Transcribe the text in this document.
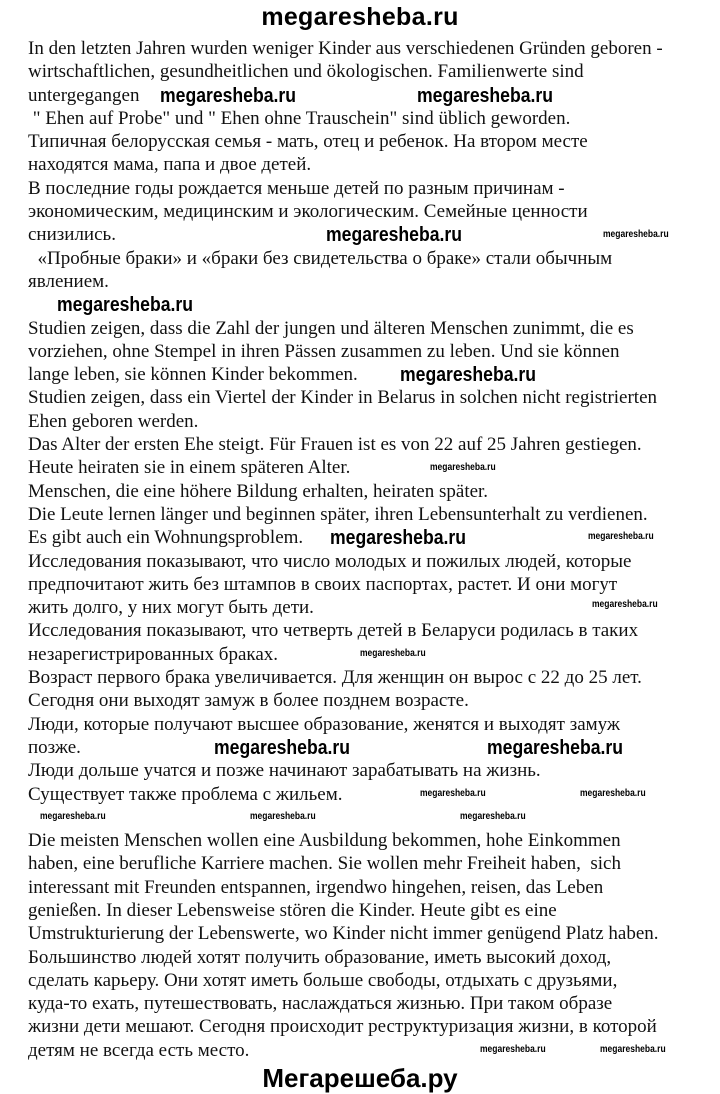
megaresheba.ru
In den letzten Jahren wurden weniger Kinder aus verschiedenen Gründen geboren -
wirtschaftlichen, gesundheitlichen und ökologischen. Familienwerte sind
untergegangen
" Ehen auf Probe" und " Ehen ohne Trauschein" sind üblich geworden.
Типичная белорусская семья - мать, отец и ребенок. На втором месте
находятся мама, папа и двое детей.
В последние годы рождается меньше детей по разным причинам -
экономическим, медицинским и экологическим. Семейные ценности
снизились.
«Пробные браки» и «браки без свидетельства о браке» стали обычным
явлением.
Studien zeigen, dass die Zahl der jungen und älteren Menschen zunimmt, die es
vorziehen, ohne Stempel in ihren Pässen zusammen zu leben. Und sie können
lange leben, sie können Kinder bekommen.
Studien zeigen, dass ein Viertel der Kinder in Belarus in solchen nicht registrierten
Ehen geboren werden.
Das Alter der ersten Ehe steigt. Für Frauen ist es von 22 auf 25 Jahren gestiegen.
Heute heiraten sie in einem späteren Alter.
Menschen, die eine höhere Bildung erhalten, heiraten später.
Die Leute lernen länger und beginnen später, ihren Lebensunterhalt zu verdienen.
Es gibt auch ein Wohnungsproblem.
Исследования показывают, что число молодых и пожилых людей, которые
предпочитают жить без штампов в своих паспортах, растет. И они могут
жить долго, у них могут быть дети.
Исследования показывают, что четверть детей в Беларуси родилась в таких
незарегистрированных браках.
Возраст первого брака увеличивается. Для женщин он вырос с 22 до 25 лет.
Сегодня они выходят замуж в более позднем возрасте.
Люди, которые получают высшее образование, женятся и выходят замуж
позже.
Люди дольше учатся и позже начинают зарабатывать на жизнь.
Существует также проблема с жильем.
Die meisten Menschen wollen eine Ausbildung bekommen, hohe Einkommen
haben, eine berufliche Karriere machen. Sie wollen mehr Freiheit haben,  sich
interessant mit Freunden entspannen, irgendwo hingehen, reisen, das Leben
genießen. In dieser Lebensweise stören die Kinder. Heute gibt es eine
Umstrukturierung der Lebenswerte, wo Kinder nicht immer genügend Platz haben.
Большинство людей хотят получить образование, иметь высокий доход,
сделать карьеру. Они хотят иметь больше свободы, отдыхать с друзьями,
куда-то ехать, путешествовать, наслаждаться жизнью. При таком образе
жизни дети мешают. Сегодня происходит реструктуризация жизни, в которой
детям не всегда есть место.
Мегарешеба.ру
megaresheba.ru	megaresheba.ru
megaresheba.ru	megaresheba.ru
megaresheba.ru
megaresheba.ru
megaresheba.ru
megaresheba.ru	megaresheba.ru
megaresheba.ru
megaresheba.ru
megaresheba.ru	megaresheba.ru
megaresheba.ru	megaresheba.ru	megaresheba.ru
megaresheba.ru	megaresheba.ru
megaresheba.ru	megaresheba.ru
